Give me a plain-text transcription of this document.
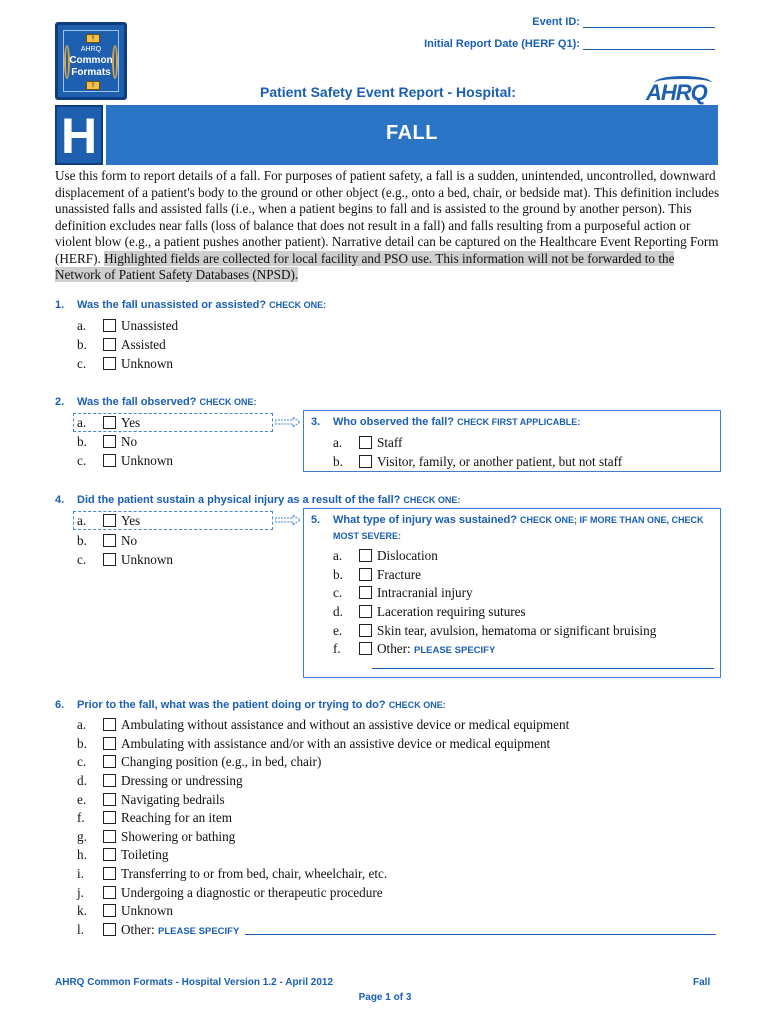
†
AHRQ
Common
Formats
†
Event ID:
Initial Report Date (HERF Q1):
Patient Safety Event Report - Hospital:	AHRQ
H	FALL
Use this form to report details of a fall. For purposes of patient safety, a fall is a sudden, unintended, uncontrolled, downward displacement of a patient's body to the ground or other object (e.g., onto a bed, chair, or bedside mat). This definition includes unassisted falls and assisted falls (i.e., when a patient begins to fall and is assisted to the ground by another person). This definition excludes near falls (loss of balance that does not result in a fall) and falls resulting from a purposeful action or violent blow (e.g., a patient pushes another patient). Narrative detail can be captured on the Healthcare Event Reporting Form (HERF). Highlighted fields are collected for local facility and PSO use. This information will not be forwarded to the Network of Patient Safety Databases (NPSD).
1. Was the fall unassisted or assisted? CHECK ONE:
a.	Unassisted
b.	Assisted
c.	Unknown
2. Was the fall observed? CHECK ONE:
a.	Yes
b.	No
c.	Unknown
3. Who observed the fall? CHECK FIRST APPLICABLE:
a.	Staff
b.	Visitor, family, or another patient, but not staff
4. Did the patient sustain a physical injury as a result of the fall? CHECK ONE:
a.	Yes
b.	No
c.	Unknown
5. What type of injury was sustained? CHECK ONE; IF MORE THAN ONE, CHECK
MOST SEVERE:
a.	Dislocation
b.	Fracture
c.	Intracranial injury
d.	Laceration requiring sutures
e.	Skin tear, avulsion, hematoma or significant bruising
f.	Other: PLEASE SPECIFY
6. Prior to the fall, what was the patient doing or trying to do? CHECK ONE:
a.	Ambulating without assistance and without an assistive device or medical equipment
b.	Ambulating with assistance and/or with an assistive device or medical equipment
c.	Changing position (e.g., in bed, chair)
d.	Dressing or undressing
e.	Navigating bedrails
f.	Reaching for an item
g.	Showering or bathing
h.	Toileting
i.	Transferring to or from bed, chair, wheelchair, etc.
j.	Undergoing a diagnostic or therapeutic procedure
k.	Unknown
l.	Other: PLEASE SPECIFY
AHRQ Common Formats - Hospital Version 1.2 - April 2012	Fall
Page 1 of 3
